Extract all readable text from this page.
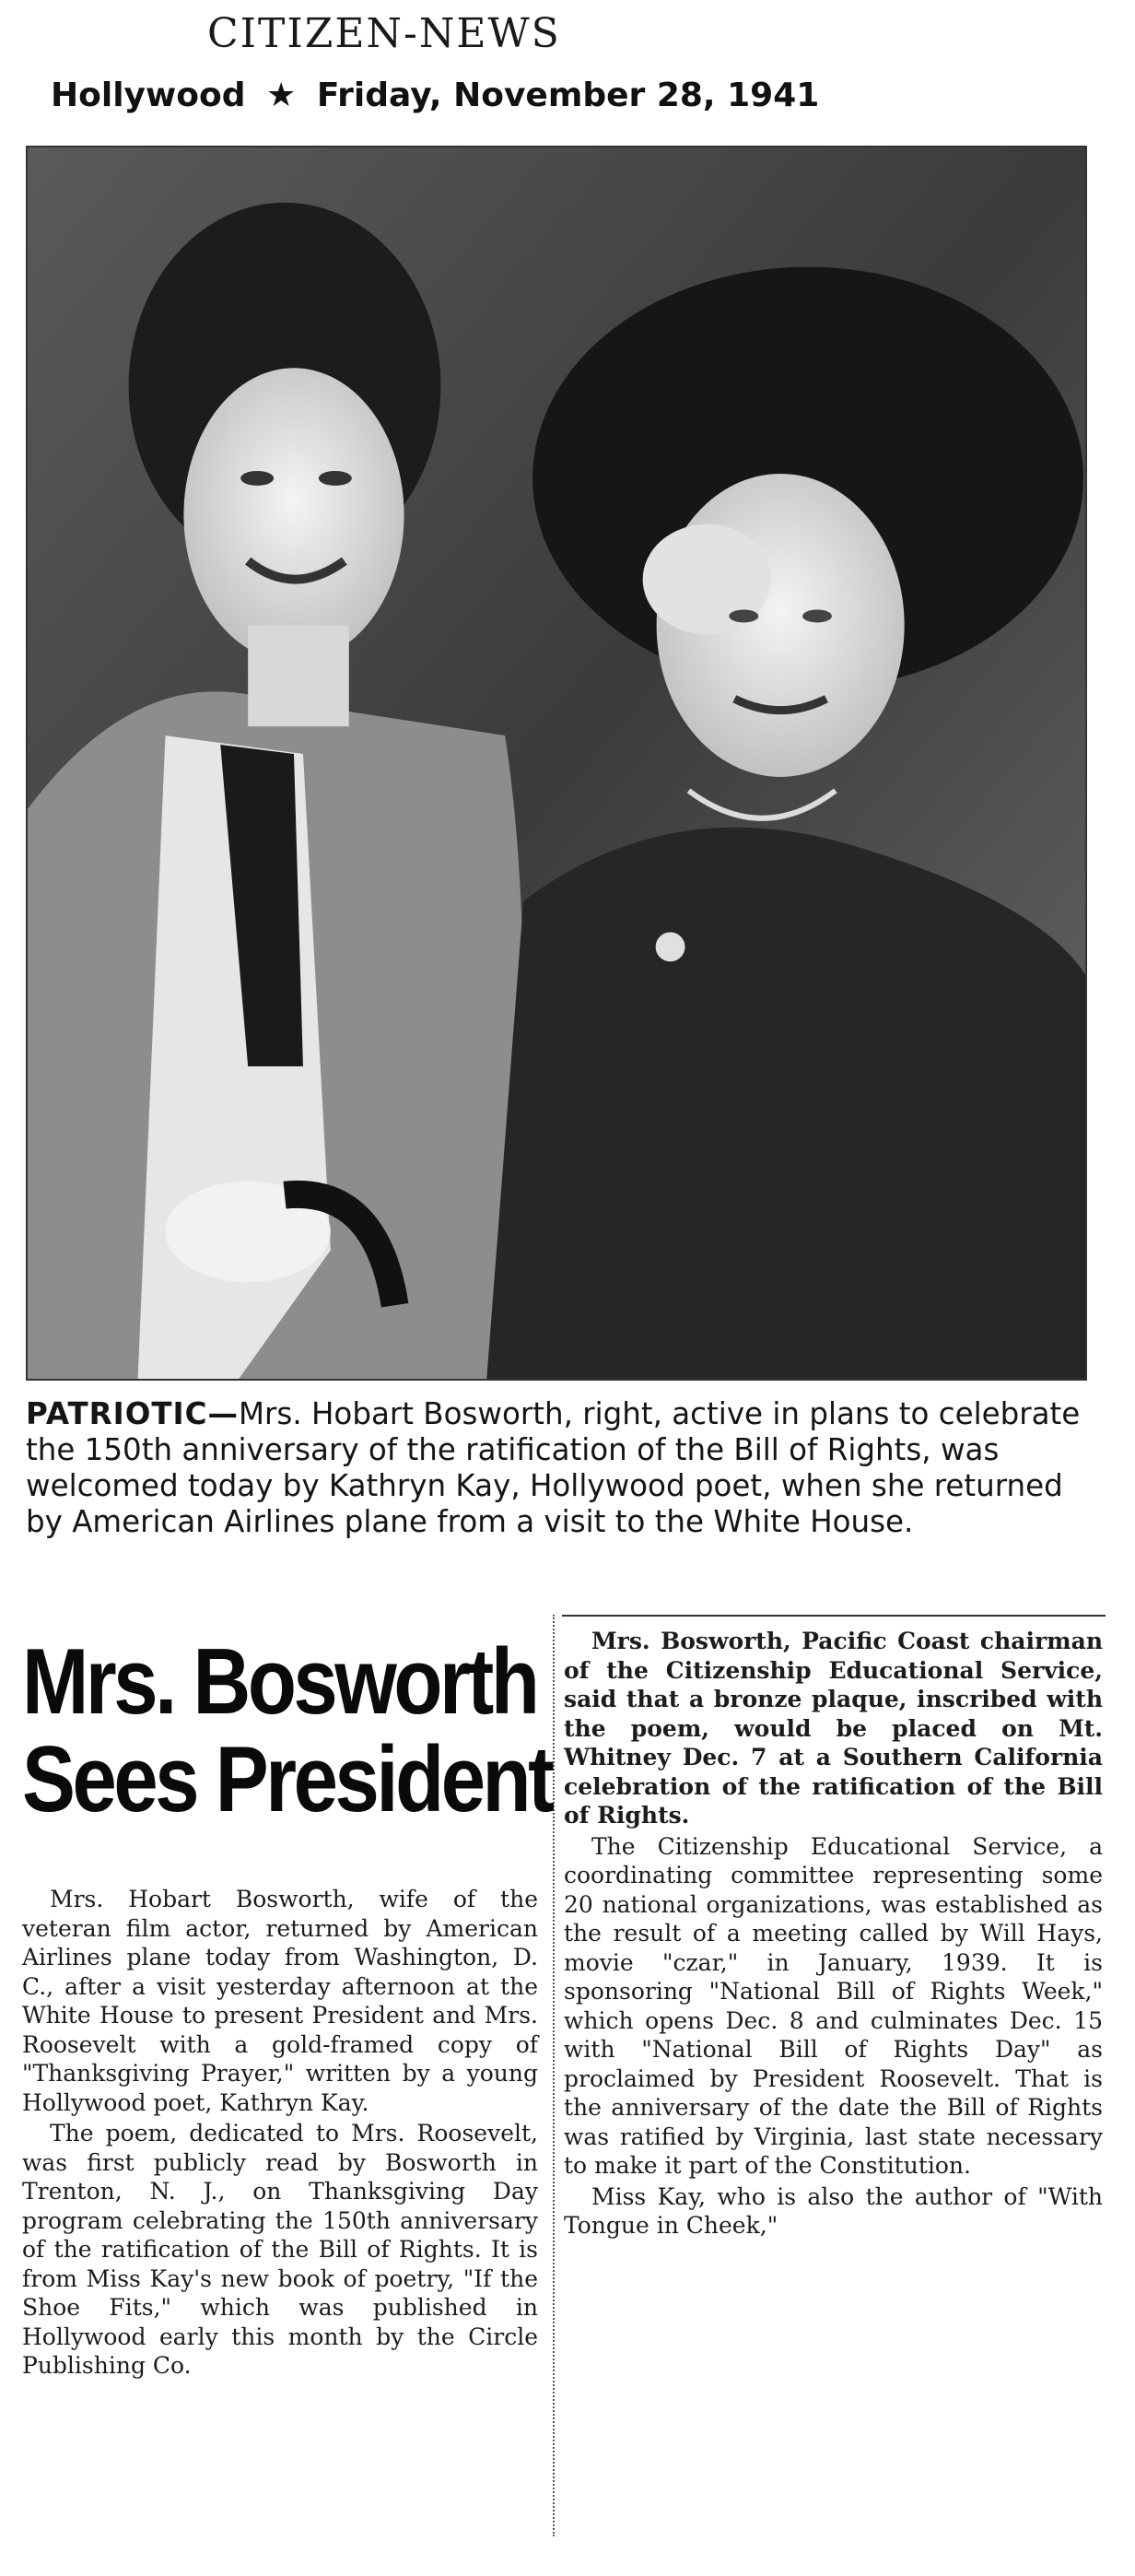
CITIZEN-NEWS
Hollywood ★ Friday, November 28, 1941
PATRIOTIC—Mrs. Hobart Bosworth, right, active in plans to celebrate the 150th anniversary of the ratification of the Bill of Rights, was welcomed today by Kathryn Kay, Hollywood poet, when she returned by American Airlines plane from a visit to the White House.
Mrs. Bosworth
Sees President

Mrs. Hobart Bosworth, wife of the veteran film actor, returned by American Airlines plane today from Washington, D. C., after a visit yesterday afternoon at the White House to present President and Mrs. Roosevelt with a gold-framed copy of "Thanksgiving Prayer," written by a young Hollywood poet, Kathryn Kay.

The poem, dedicated to Mrs. Roosevelt, was first publicly read by Bosworth in Trenton, N. J., on Thanksgiving Day program celebrating the 150th anniversary of the ratification of the Bill of Rights. It is from Miss Kay's new book of poetry, "If the Shoe Fits," which was published in Hollywood early this month by the Circle Publishing Co.

Mrs. Bosworth, Pacific Coast chairman of the Citizenship Educational Service, said that a bronze plaque, inscribed with the poem, would be placed on Mt. Whitney Dec. 7 at a Southern California celebration of the ratification of the Bill of Rights.

The Citizenship Educational Service, a coordinating committee representing some 20 national organizations, was established as the result of a meeting called by Will Hays, movie "czar," in January, 1939. It is sponsoring "National Bill of Rights Week," which opens Dec. 8 and culminates Dec. 15 with "National Bill of Rights Day" as proclaimed by President Roosevelt. That is the anniversary of the date the Bill of Rights was ratified by Virginia, last state necessary to make it part of the Constitution.

Miss Kay, who is also the author of "With Tongue in Cheek,"
